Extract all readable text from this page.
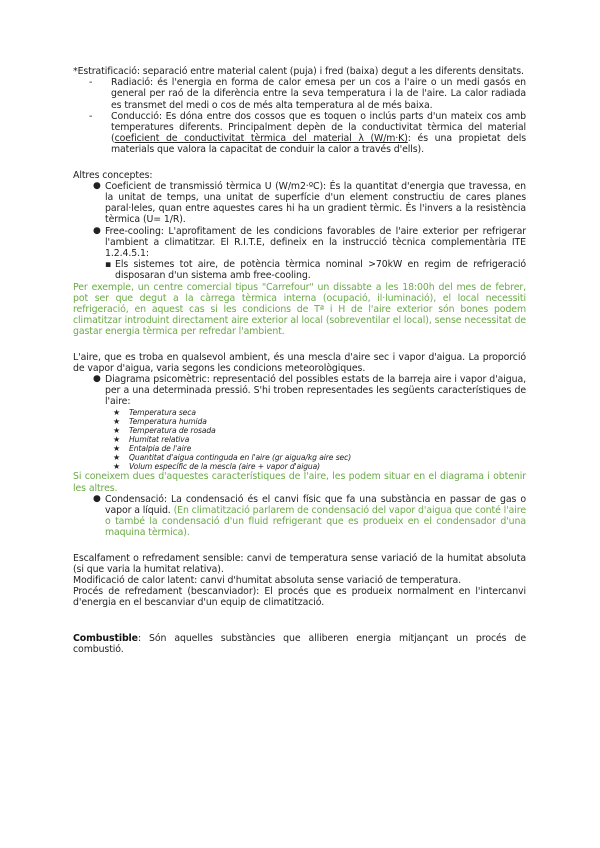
*Estratificació: separació entre material calent (puja) i fred (baixa) degut a les diferents densitats.

- Radiació: és l'energia en forma de calor emesa per un cos a l'aire o un medi gasós en general per raó de la diferència entre la seva temperatura i la de l'aire. La calor radiada es transmet del medi o cos de més alta temperatura al de més baixa.
- Conducció: Es dóna entre dos cossos que es toquen o inclús parts d'un mateix cos amb temperatures diferents. Principalment depèn de la conductivitat tèrmica del material (coeficient de conductivitat tèrmica del material λ (W/m·K): és una propietat dels materials que valora la capacitat de conduir la calor a través d'ells).

Altres conceptes:

● Coeficient de transmissió tèrmica U (W/m2·ºC): És la quantitat d'energia que travessa, en la unitat de temps, una unitat de superfície d'un element constructiu de cares planes paral·leles, quan entre aquestes cares hi ha un gradient tèrmic. És l'invers a la resistència tèrmica (U= 1/R).
● Free-cooling: L'aprofitament de les condicions favorables de l'aire exterior per refrigerar l'ambient a climatitzar. El R.I.T.E, defineix en la instrucció tècnica complementària ITE 1.2.4.5.1:
▪ Els sistemes tot aire, de potència tèrmica nominal >70kW en regim de refrigeració disposaran d'un sistema amb free-cooling.

Per exemple, un centre comercial tipus "Carrefour" un dissabte a les 18:00h del mes de febrer, pot ser que degut a la càrrega tèrmica interna (ocupació, il·luminació), el local necessiti refrigeració, en aquest cas si les condicions de Tª i H de l'aire exterior són bones podem climatitzar introduint directament aire exterior al local (sobreventilar el local), sense necessitat de gastar energia tèrmica per refredar l'ambient.

L'aire, que es troba en qualsevol ambient, és una mescla d'aire sec i vapor d'aigua. La proporció de vapor d'aigua, varia segons les condicions meteorològiques.

● Diagrama psicomètric: representació del possibles estats de la barreja aire i vapor d'aigua, per a una determinada pressió. S'hi troben representades les següents característiques de l'aire:
★ Temperatura seca
★ Temperatura humida
★ Temperatura de rosada
★ Humitat relativa
★ Entalpia de l'aire
★ Quantitat d'aigua continguda en l'aire (gr aigua/kg aire sec)
★ Volum específic de la mescla (aire + vapor d'aigua)

Si coneixem dues d'aquestes característiques de l'aire, les podem situar en el diagrama i obtenir les altres.

● Condensació: La condensació és el canvi físic que fa una substància en passar de gas o vapor a líquid. (En climatització parlarem de condensació del vapor d'aigua que conté l'aire o també la condensació d'un fluid refrigerant que es produeix en el condensador d'una maquina tèrmica).

Escalfament o refredament sensible: canvi de temperatura sense variació de la humitat absoluta (si que varia la humitat relativa).

Modificació de calor latent: canvi d'humitat absoluta sense variació de temperatura.

Procés de refredament (bescanviador): El procés que es produeix normalment en l'intercanvi d'energia en el bescanviar d'un equip de climatització.

Combustible: Són aquelles substàncies que alliberen energia mitjançant un procés de combustió.
